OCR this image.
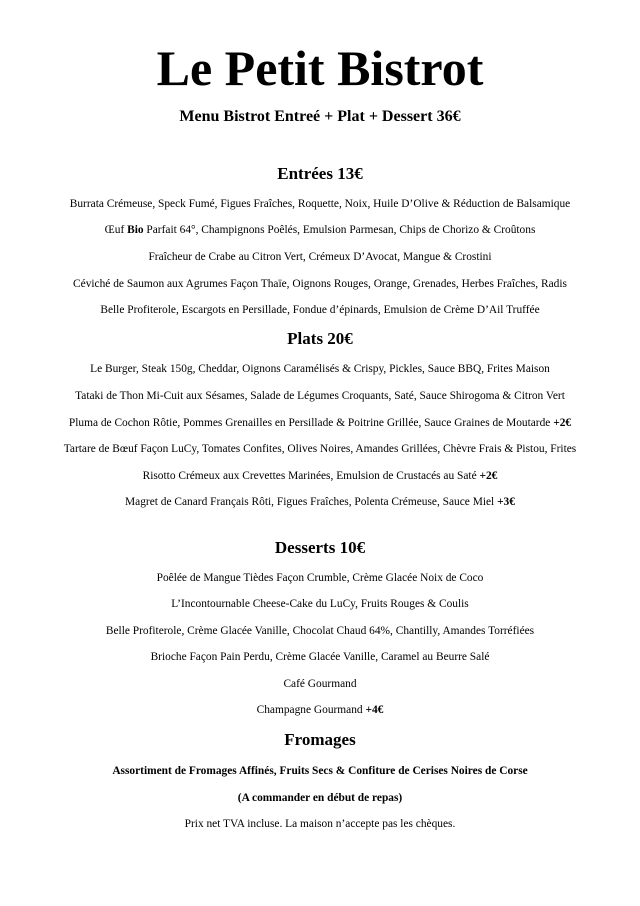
Le Petit Bistrot
Menu Bistrot Entreé + Plat + Dessert 36€
Entrées 13€
Burrata Crémeuse, Speck Fumé, Figues Fraîches, Roquette, Noix, Huile D’Olive & Réduction de Balsamique
Œuf Bio Parfait 64°, Champignons Poêlés, Emulsion Parmesan, Chips de Chorizo & Croûtons
Fraîcheur de Crabe au Citron Vert, Crémeux D’Avocat, Mangue & Crostini
Céviché de Saumon aux Agrumes Façon Thaïe, Oignons Rouges, Orange, Grenades, Herbes Fraîches, Radis
Belle Profiterole, Escargots en Persillade, Fondue d’épinards, Emulsion de Crème D’Ail Truffée
Plats 20€
Le Burger, Steak 150g, Cheddar, Oignons Caramélisés & Crispy, Pickles, Sauce BBQ, Frites Maison
Tataki de Thon Mi-Cuit aux Sésames, Salade de Légumes Croquants, Saté, Sauce Shirogoma & Citron Vert
Pluma de Cochon Rôtie, Pommes Grenailles en Persillade & Poitrine Grillée, Sauce Graines de Moutarde +2€
Tartare de Bœuf Façon LuCy, Tomates Confites, Olives Noires, Amandes Grillées, Chèvre Frais & Pistou, Frites
Risotto Crémeux aux Crevettes Marinées, Emulsion de Crustacés au Saté +2€
Magret de Canard Français Rôti, Figues Fraîches, Polenta Crémeuse, Sauce Miel +3€
Desserts 10€
Poêlée de Mangue Tièdes Façon Crumble, Crème Glacée Noix de Coco
L’Incontournable Cheese-Cake du LuCy, Fruits Rouges & Coulis
Belle Profiterole, Crème Glacée Vanille, Chocolat Chaud 64%, Chantilly, Amandes Torréfiées
Brioche Façon Pain Perdu, Crème Glacée Vanille, Caramel au Beurre Salé
Café Gourmand
Champagne Gourmand +4€
Fromages
Assortiment de Fromages Affinés, Fruits Secs & Confiture de Cerises Noires de Corse
(A commander en début de repas)
Prix net TVA incluse. La maison n’accepte pas les chèques.
